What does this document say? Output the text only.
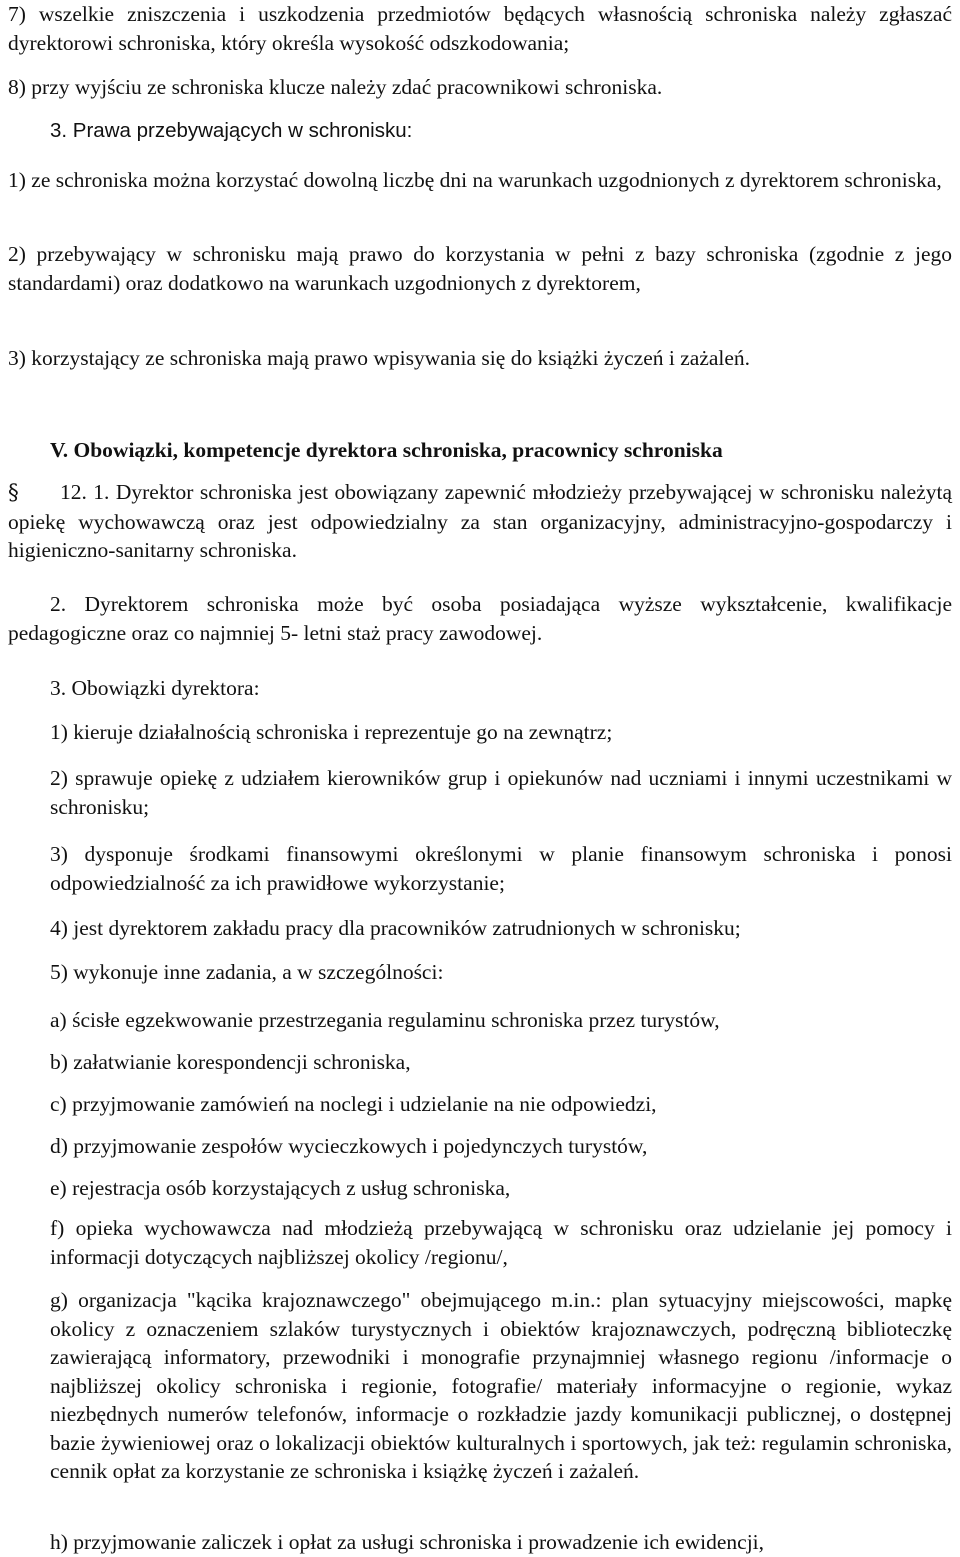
7) wszelkie zniszczenia i uszkodzenia przedmiotów będących własnością schroniska należy zgłaszać dyrektorowi schroniska, który określa wysokość odszkodowania;

8) przy wyjściu ze schroniska klucze należy zdać pracownikowi schroniska.

3. Prawa przebywających w schronisku:

1) ze schroniska można korzystać dowolną liczbę dni na warunkach uzgodnionych z dyrektorem schroniska,

2) przebywający w schronisku mają prawo do korzystania w pełni z bazy schroniska (zgodnie z jego standardami) oraz dodatkowo na warunkach uzgodnionych z dyrektorem,

3) korzystający ze schroniska mają prawo wpisywania się do książki życzeń i zażaleń.

V. Obowiązki, kompetencje dyrektora schroniska, pracownicy schroniska

§ 12. 1. Dyrektor schroniska jest obowiązany zapewnić młodzieży przebywającej w schronisku należytą opiekę wychowawczą oraz jest odpowiedzialny za stan organizacyjny, administracyjno-gospodarczy i higieniczno-sanitarny schroniska.

2. Dyrektorem schroniska może być osoba posiadająca wyższe wykształcenie, kwalifikacje pedagogiczne oraz co najmniej 5- letni staż pracy zawodowej.

3. Obowiązki dyrektora:

1) kieruje działalnością schroniska i reprezentuje go na zewnątrz;

2) sprawuje opiekę z udziałem kierowników grup i opiekunów nad uczniami i innymi uczestnikami w schronisku;

3) dysponuje środkami finansowymi określonymi w planie finansowym schroniska i ponosi odpowiedzialność za ich prawidłowe wykorzystanie;

4) jest dyrektorem zakładu pracy dla pracowników zatrudnionych w schronisku;

5) wykonuje inne zadania, a w szczególności:

a) ścisłe egzekwowanie przestrzegania regulaminu schroniska przez turystów,

b) załatwianie korespondencji schroniska,

c) przyjmowanie zamówień na noclegi i udzielanie na nie odpowiedzi,

d) przyjmowanie zespołów wycieczkowych i pojedynczych turystów,

e) rejestracja osób korzystających z usług schroniska,

f) opieka wychowawcza nad młodzieżą przebywającą w schronisku oraz udzielanie jej pomocy i informacji dotyczących najbliższej okolicy /regionu/,

g) organizacja "kącika krajoznawczego" obejmującego m.in.: plan sytuacyjny miejscowości, mapkę okolicy z oznaczeniem szlaków turystycznych i obiektów krajoznawczych, podręczną biblioteczkę zawierającą informatory, przewodniki i monografie przynajmniej własnego regionu /informacje o najbliższej okolicy schroniska i regionie, fotografie/ materiały informacyjne o regionie, wykaz niezbędnych numerów telefonów, informacje o rozkładzie jazdy komunikacji publicznej, o dostępnej bazie żywieniowej oraz o lokalizacji obiektów kulturalnych i sportowych, jak też: regulamin schroniska, cennik opłat za korzystanie ze schroniska i książkę życzeń i zażaleń.

h) przyjmowanie zaliczek i opłat za usługi schroniska i prowadzenie ich ewidencji,
